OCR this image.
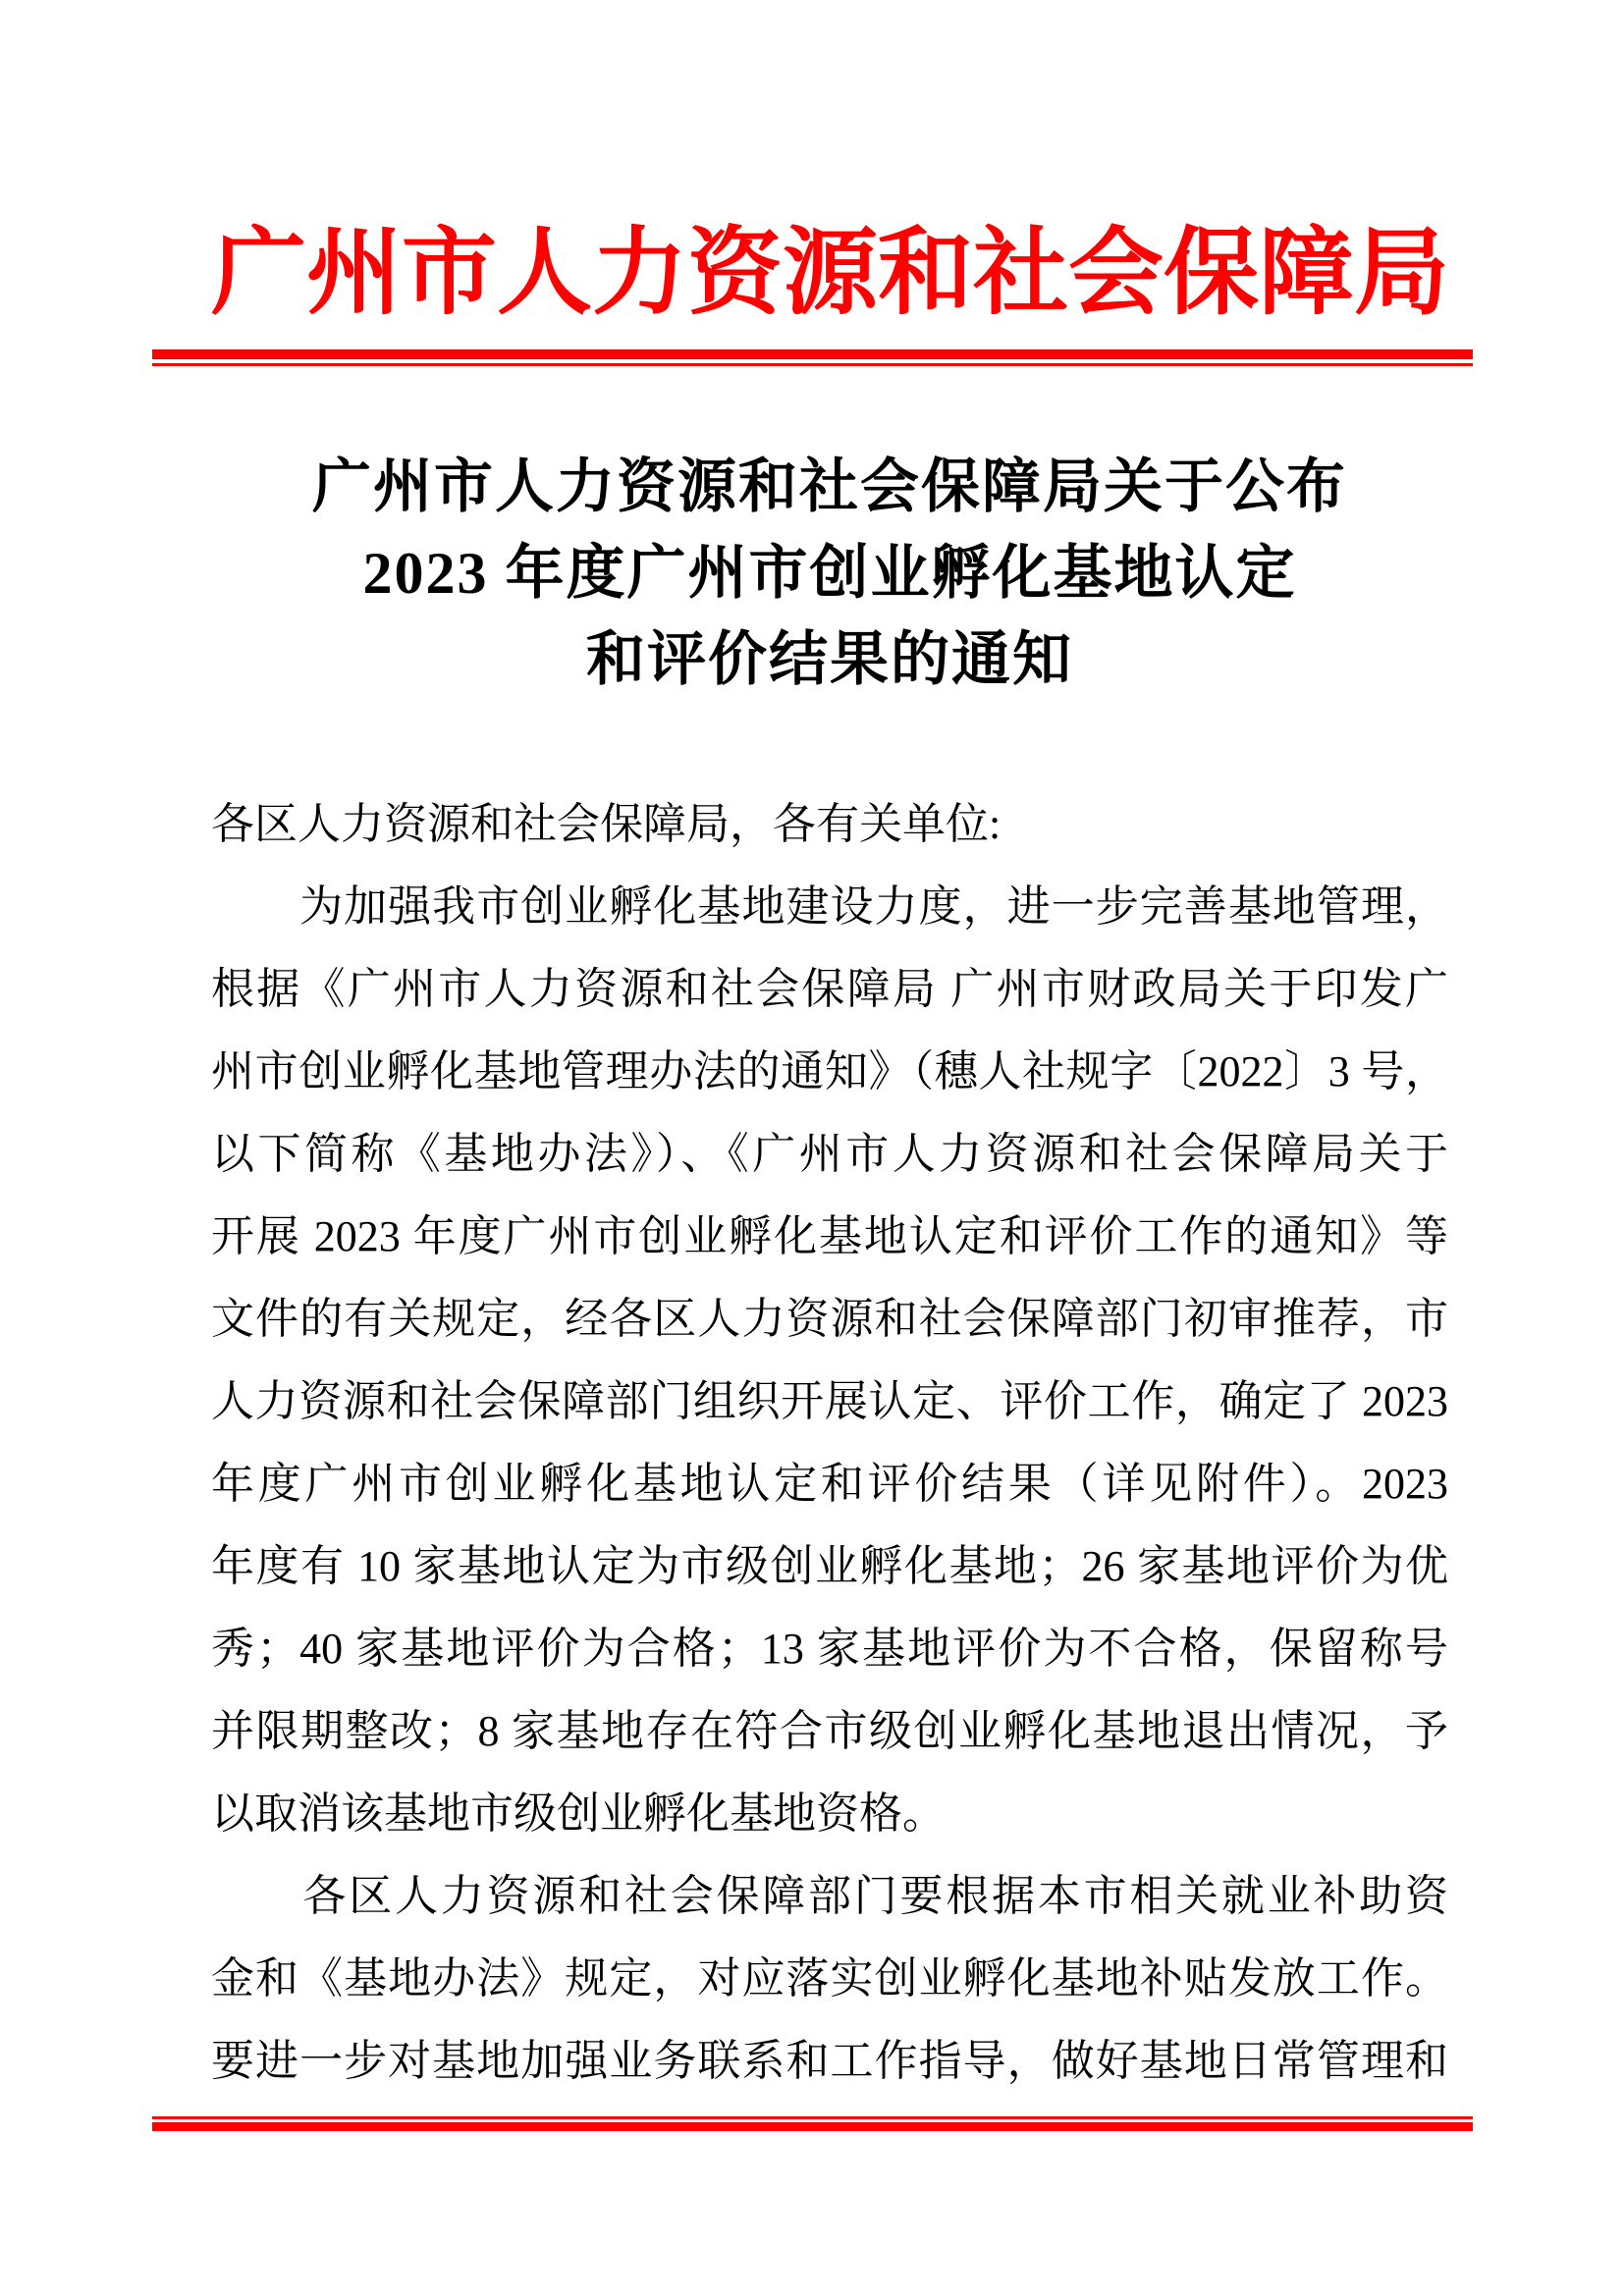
广州市人力资源和社会保障局
广州市人力资源和社会保障局关于公布
2023 年度广州市创业孵化基地认定
和评价结果的通知
各区人力资源和社会保障局，各有关单位:
　　为加强我市创业孵化基地建设力度，进一步完善基地管理，
根据《广州市人力资源和社会保障局 广州市财政局关于印发广
州市创业孵化基地管理办法的通知》（穗人社规字〔2022〕3 号，
以下简称《基地办法》）、《广州市人力资源和社会保障局关于
开展 2023 年度广州市创业孵化基地认定和评价工作的通知》等
文件的有关规定，经各区人力资源和社会保障部门初审推荐，市
人力资源和社会保障部门组织开展认定、评价工作，确定了 2023
年度广州市创业孵化基地认定和评价结果（详见附件）。2023
年度有 10 家基地认定为市级创业孵化基地；26 家基地评价为优
秀；40 家基地评价为合格；13 家基地评价为不合格，保留称号
并限期整改；8 家基地存在符合市级创业孵化基地退出情况，予
以取消该基地市级创业孵化基地资格。
　　各区人力资源和社会保障部门要根据本市相关就业补助资
金和《基地办法》规定，对应落实创业孵化基地补贴发放工作。
要进一步对基地加强业务联系和工作指导，做好基地日常管理和
